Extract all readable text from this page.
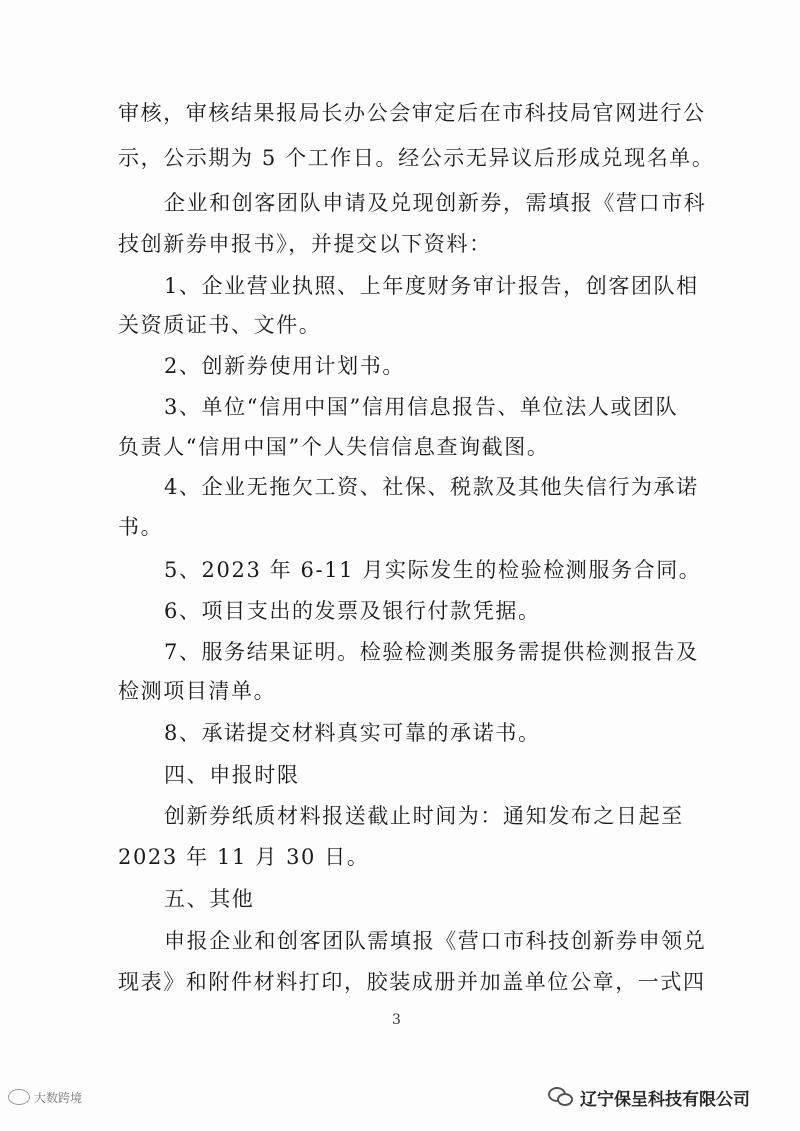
审核，审核结果报局长办公会审定后在市科技局官网进行公
示，公示期为 5 个工作日。经公示无异议后形成兑现名单。
企业和创客团队申请及兑现创新券，需填报《营口市科
技创新券申报书》，并提交以下资料：
1、企业营业执照、上年度财务审计报告，创客团队相
关资质证书、文件。
2、创新券使用计划书。
3、单位“信用中国”信用信息报告、单位法人或团队
负责人“信用中国”个人失信信息查询截图。
4、企业无拖欠工资、社保、税款及其他失信行为承诺
书。
5、2023 年 6-11 月实际发生的检验检测服务合同。
6、项目支出的发票及银行付款凭据。
7、服务结果证明。检验检测类服务需提供检测报告及
检测项目清单。
8、承诺提交材料真实可靠的承诺书。
四、申报时限
创新券纸质材料报送截止时间为：通知发布之日起至
2023 年 11 月 30 日。
五、其他
申报企业和创客团队需填报《营口市科技创新券申领兑
现表》和附件材料打印，胶装成册并加盖单位公章，一式四
3
辽宁保呈科技有限公司
大数跨境
